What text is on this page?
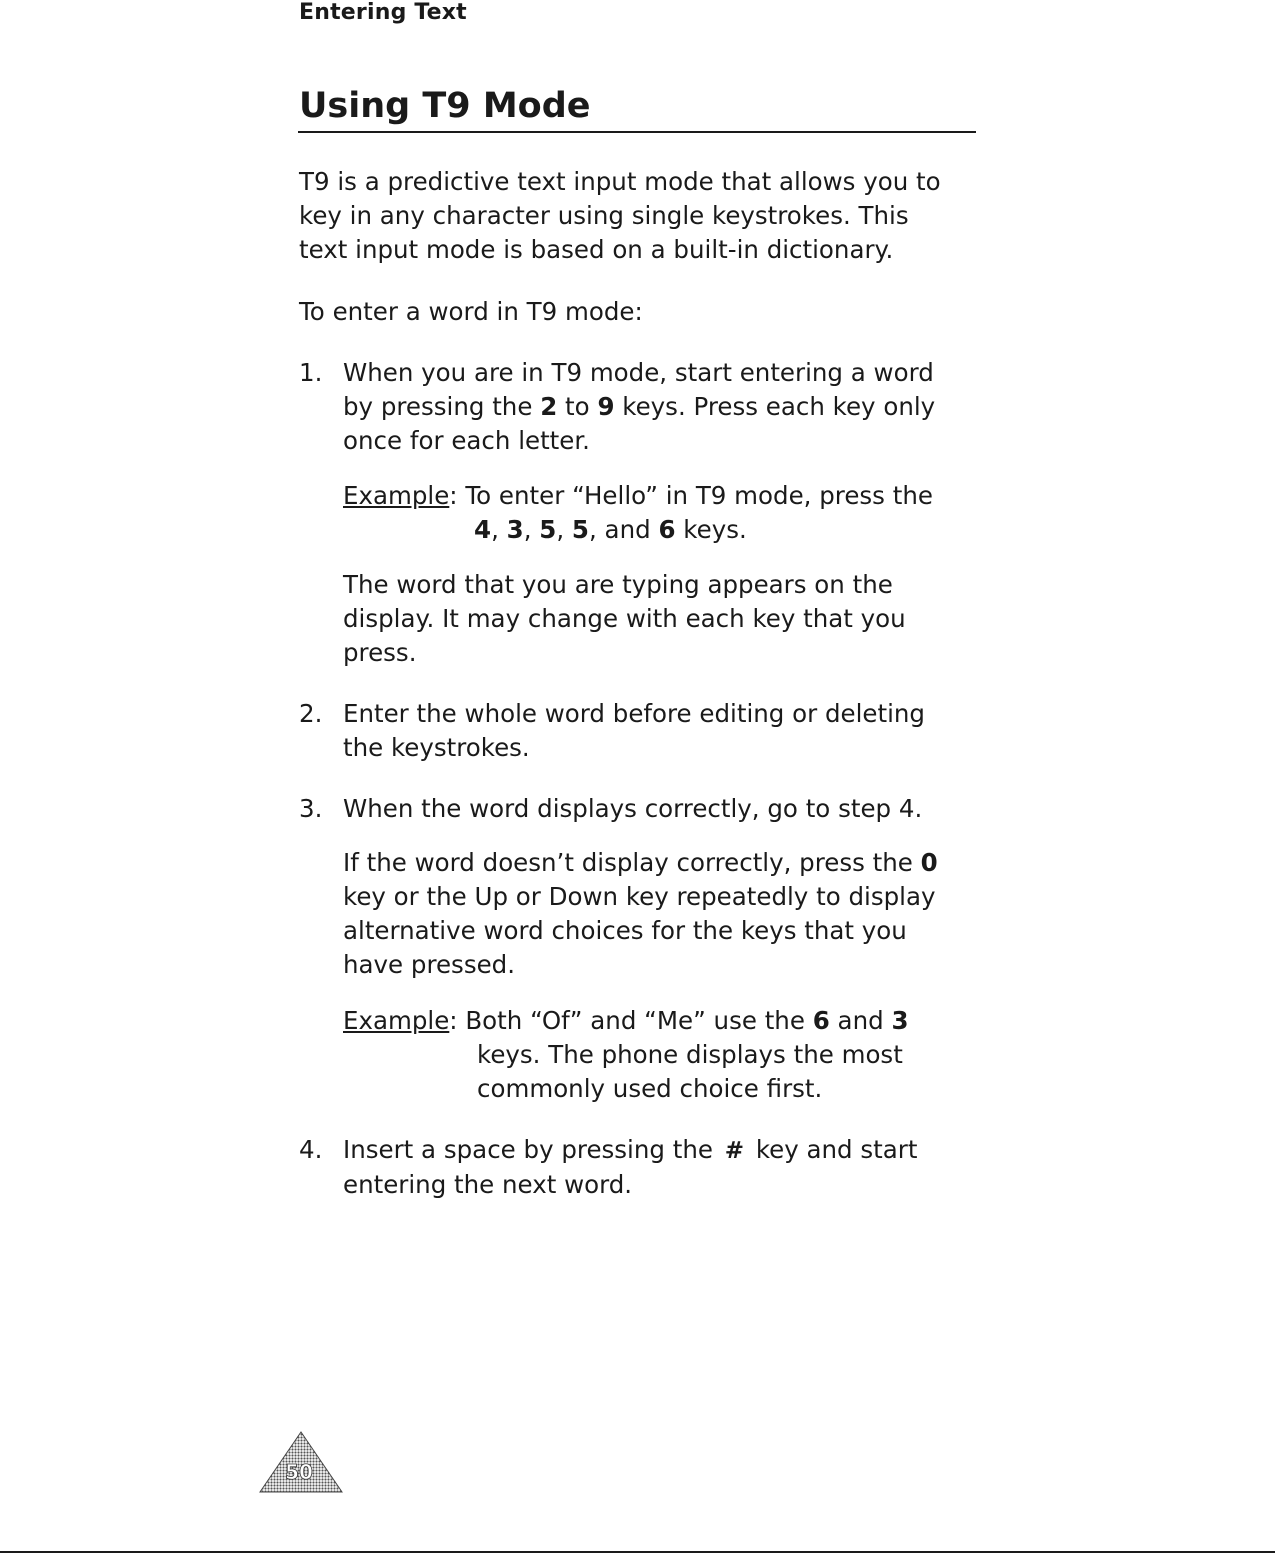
Entering Text
Using T9 Mode
T9 is a predictive text input mode that allows you to
key in any character using single keystrokes. This
text input mode is based on a built-in dictionary.
To enter a word in T9 mode:
1. When you are in T9 mode, start entering a word
by pressing the 2 to 9 keys. Press each key only
once for each letter.
Example: To enter “Hello” in T9 mode, press the
4, 3, 5, 5, and 6 keys.
The word that you are typing appears on the
display. It may change with each key that you
press.
2. Enter the whole word before editing or deleting
the keystrokes.
3. When the word displays correctly, go to step 4.
If the word doesn’t display correctly, press the 0
key or the Up or Down key repeatedly to display
alternative word choices for the keys that you
have pressed.
Example: Both “Of” and “Me” use the 6 and 3
keys. The phone displays the most
commonly used choice first.
4. Insert a space by pressing the # key and start
entering the next word.
50
